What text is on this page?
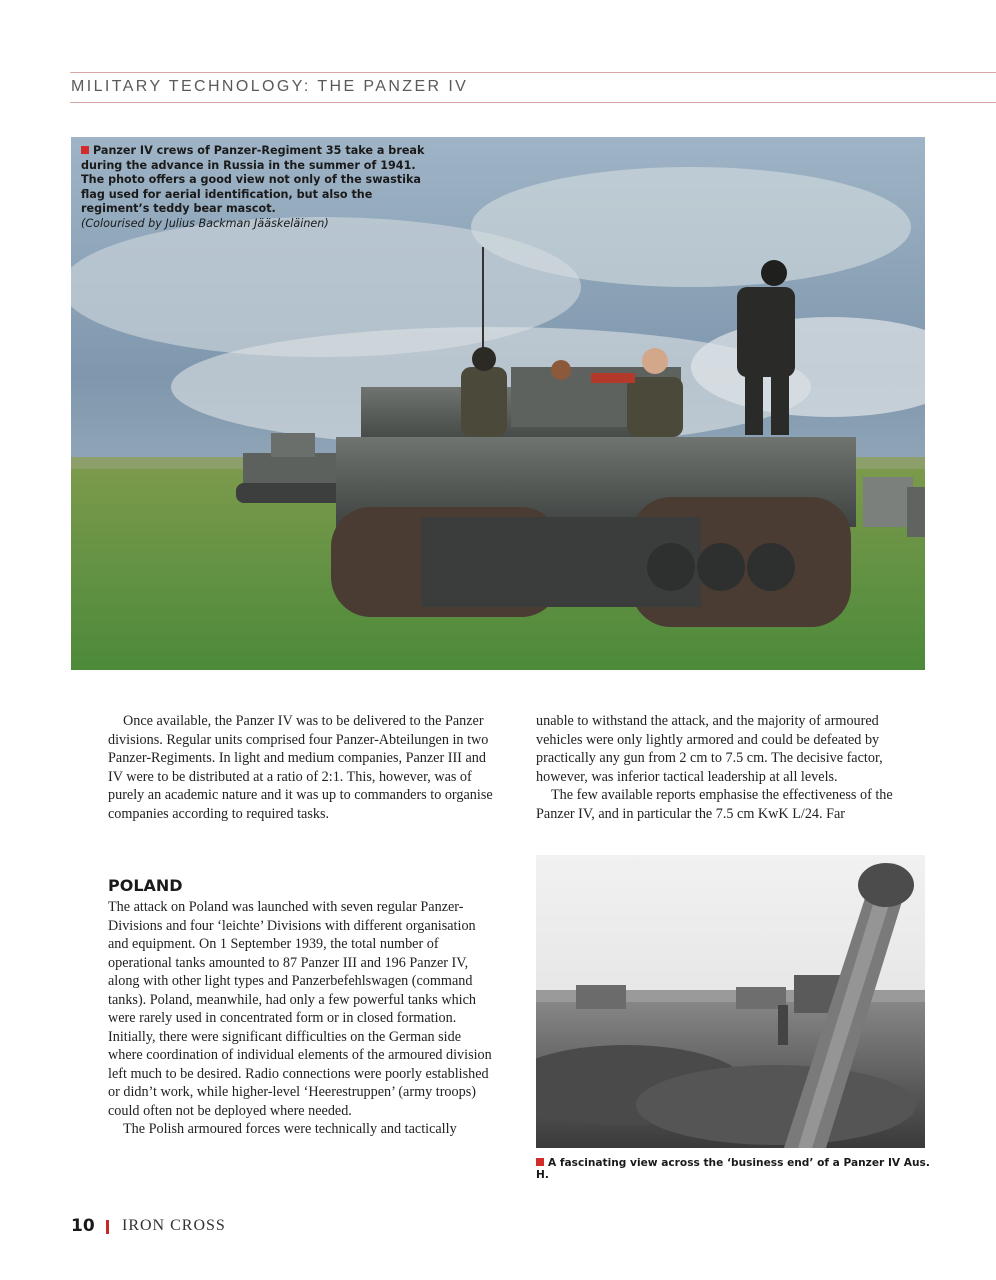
MILITARY TECHNOLOGY: THE PANZER IV
Panzer IV crews of Panzer-Regiment 35 take a break during the advance in Russia in the summer of 1941. The photo offers a good view not only of the swastika flag used for aerial identification, but also the regiment’s teddy bear mascot.
(Colourised by Julius Backman Jääskeläinen)

Once available, the Panzer IV was to be delivered to the Panzer divisions. Regular units comprised four Panzer-Abteilungen in two Panzer-Regiments. In light and medium companies, Panzer III and IV were to be distributed at a ratio of 2:1. This, however, was of purely an academic nature and it was up to commanders to organise companies according to required tasks.

POLAND

The attack on Poland was launched with seven regular Panzer-Divisions and four ‘leichte’ Divisions with different organisation and equipment. On 1 September 1939, the total number of operational tanks amounted to 87 Panzer III and 196 Panzer IV, along with other light types and Panzerbefehlswagen (command tanks). Poland, meanwhile, had only a few powerful tanks which were rarely used in concentrated form or in closed formation. Initially, there were significant difficulties on the German side where coordination of individual elements of the armoured division left much to be desired. Radio connections were poorly established or didn’t work, while higher-level ‘Heerestruppen’ (army troops) could often not be deployed where needed.

The Polish armoured forces were technically and tactically

unable to withstand the attack, and the majority of armoured vehicles were only lightly armored and could be defeated by practically any gun from 2 cm to 7.5 cm. The decisive factor, however, was inferior tactical leadership at all levels.

The few available reports emphasise the effectiveness of the Panzer IV, and in particular the 7.5 cm KwK L/24. Far

A fascinating view across the ‘business end’ of a Panzer IV Aus. H.
10 IRON CROSS
